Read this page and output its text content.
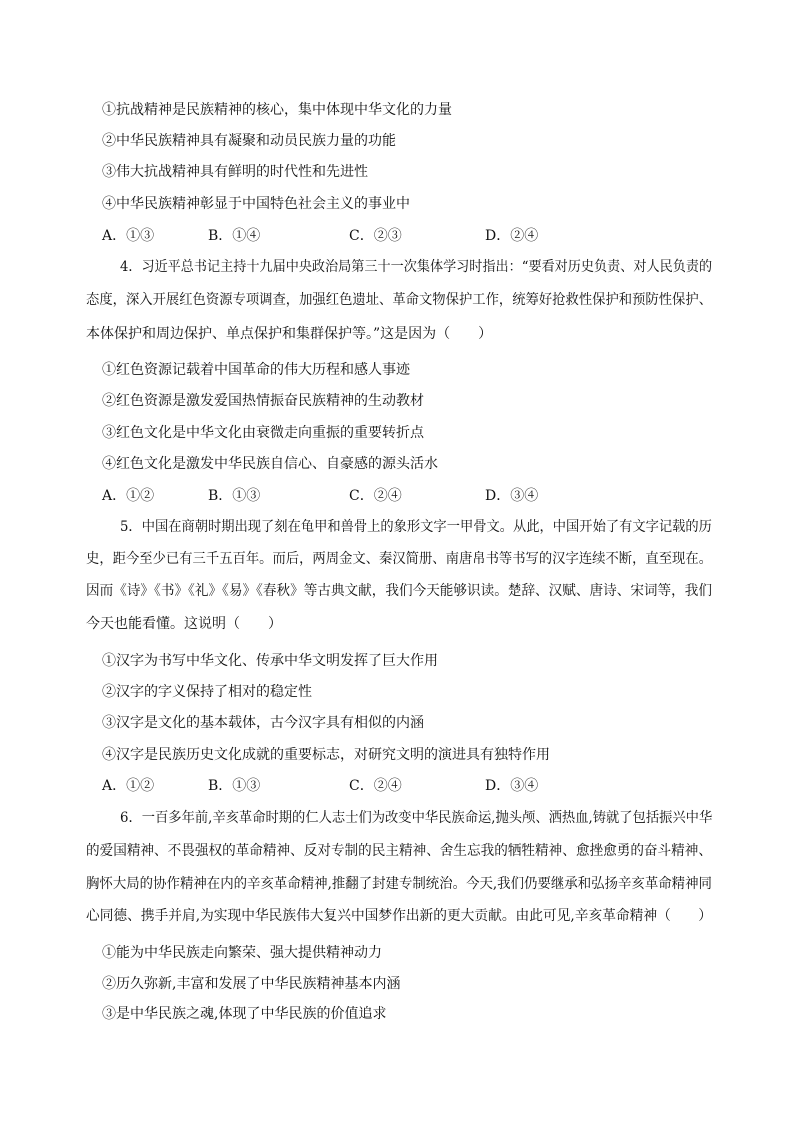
①抗战精神是民族精神的核心，集中体现中华文化的力量
②中华民族精神具有凝聚和动员民族力量的功能
③伟大抗战精神具有鲜明的时代性和先进性
④中华民族精神彰显于中国特色社会主义的事业中
A．①③	B．①④	C．②③	D．②④
4．习近平总书记主持十九届中央政治局第三十一次集体学习时指出：“要看对历史负责、对人民负责的
态度，深入开展红色资源专项调查，加强红色遗址、革命文物保护工作，统筹好抢救性保护和预防性保护、
本体保护和周边保护、单点保护和集群保护等。”这是因为（　　）
①红色资源记载着中国革命的伟大历程和感人事迹
②红色资源是激发爱国热情振奋民族精神的生动教材
③红色文化是中华文化由衰微走向重振的重要转折点
④红色文化是激发中华民族自信心、自豪感的源头活水
A．①②	B．①③	C．②④	D．③④
5．中国在商朝时期出现了刻在龟甲和兽骨上的象形文字一甲骨文。从此，中国开始了有文字记载的历
史，距今至少已有三千五百年。而后，两周金文、秦汉简册、南唐帛书等书写的汉字连续不断，直至现在。
因而《诗》《书》《礼》《易》《春秋》等古典文献，我们今天能够识读。楚辞、汉赋、唐诗、宋词等，我们
今天也能看懂。这说明（　　）
①汉字为书写中华文化、传承中华文明发挥了巨大作用
②汉字的字义保持了相对的稳定性
③汉字是文化的基本载体，古今汉字具有相似的内涵
④汉字是民族历史文化成就的重要标志，对研究文明的演进具有独特作用
A．①②	B．①③	C．②④	D．③④
6．一百多年前,辛亥革命时期的仁人志士们为改变中华民族命运,抛头颅、洒热血,铸就了包括振兴中华
的爱国精神、不畏强权的革命精神、反对专制的民主精神、舍生忘我的牺牲精神、愈挫愈勇的奋斗精神、
胸怀大局的协作精神在内的辛亥革命精神,推翻了封建专制统治。今天,我们仍要继承和弘扬辛亥革命精神同
心同德、携手并肩,为实现中华民族伟大复兴中国梦作出新的更大贡献。由此可见,辛亥革命精神（　　）
①能为中华民族走向繁荣、强大提供精神动力
②历久弥新,丰富和发展了中华民族精神基本内涵
③是中华民族之魂,体现了中华民族的价值追求
